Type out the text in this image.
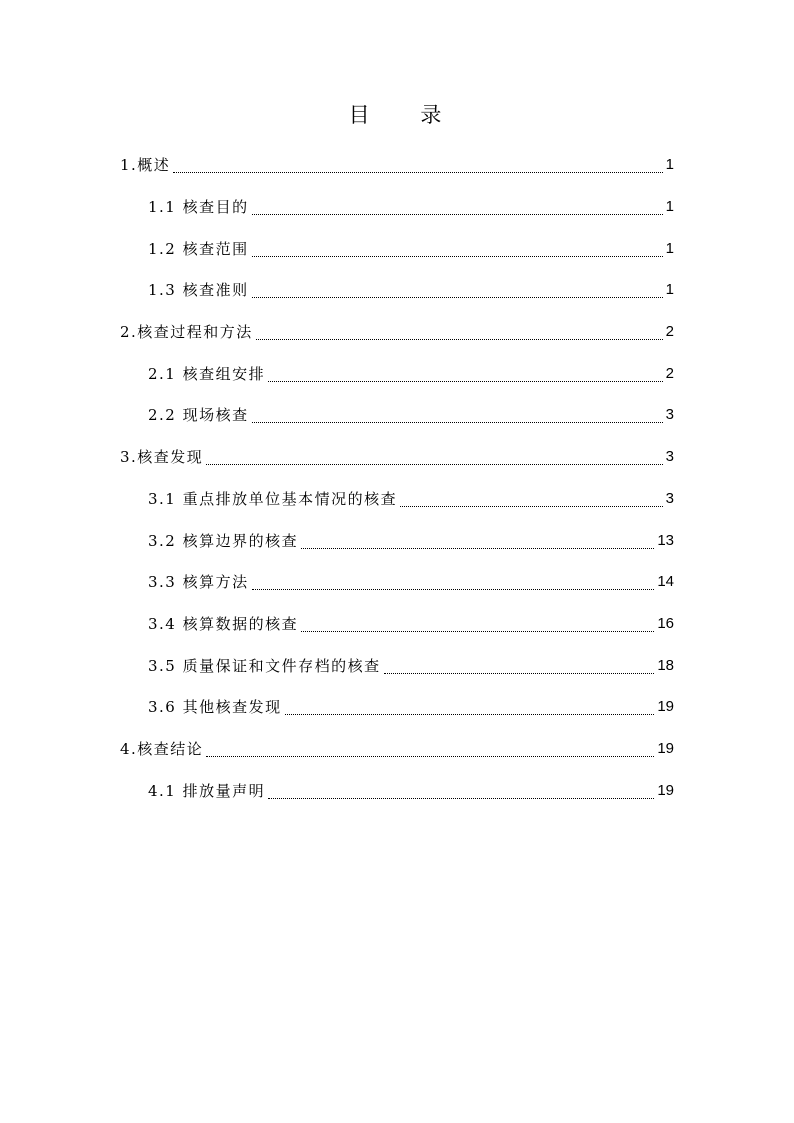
目 录
1.概述	1
1.1 核查目的	1
1.2 核查范围	1
1.3 核查准则	1
2.核查过程和方法	2
2.1 核查组安排	2
2.2 现场核查	3
3.核查发现	3
3.1 重点排放单位基本情况的核查	3
3.2 核算边界的核查	13
3.3 核算方法	14
3.4 核算数据的核查	16
3.5 质量保证和文件存档的核查	18
3.6 其他核查发现	19
4.核查结论	19
4.1 排放量声明	19
